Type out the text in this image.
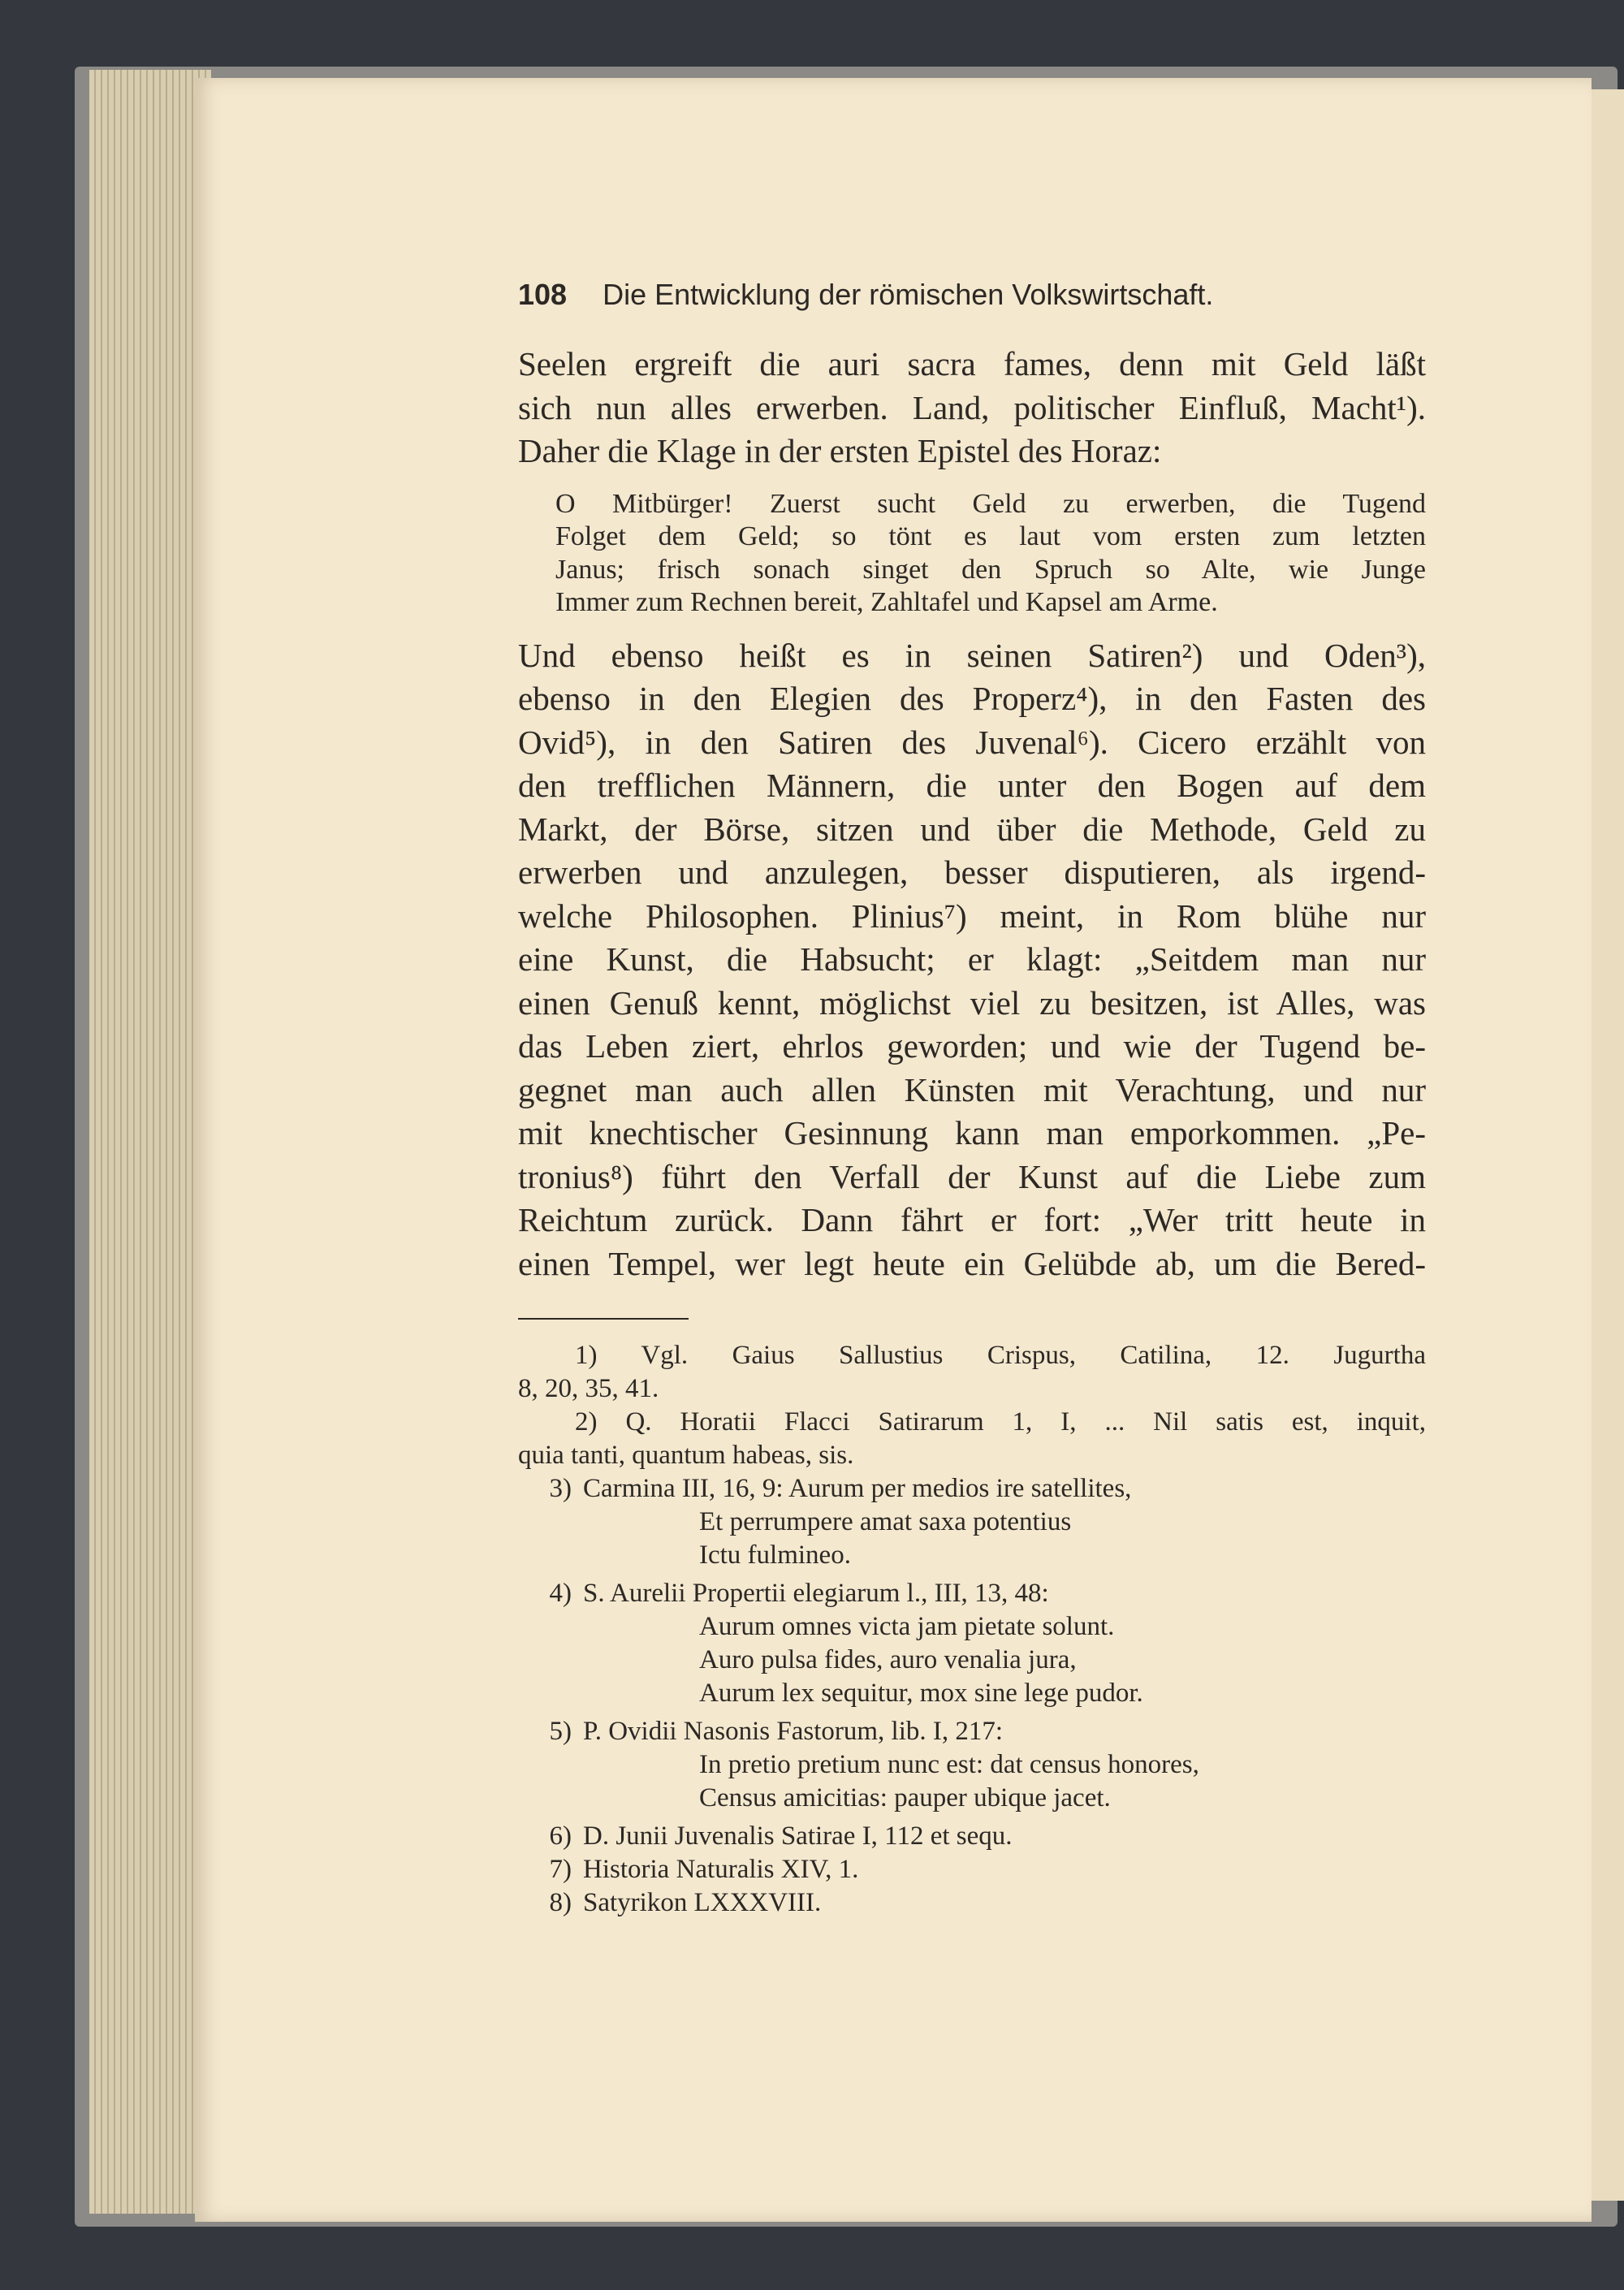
108 Die Entwicklung der römischen Volkswirtschaft.
Seelen ergreift die auri sacra fames, denn mit Geld läßt
sich nun alles erwerben. Land, politischer Einfluß, Macht¹).
Daher die Klage in der ersten Epistel des Horaz:
O Mitbürger! Zuerst sucht Geld zu erwerben, die Tugend
Folget dem Geld; so tönt es laut vom ersten zum letzten
Janus; frisch sonach singet den Spruch so Alte, wie Junge
Immer zum Rechnen bereit, Zahltafel und Kapsel am Arme.
Und ebenso heißt es in seinen Satiren²) und Oden³),
ebenso in den Elegien des Properz⁴), in den Fasten des
Ovid⁵), in den Satiren des Juvenal⁶). Cicero erzählt von
den trefflichen Männern, die unter den Bogen auf dem
Markt, der Börse, sitzen und über die Methode, Geld zu
erwerben und anzulegen, besser disputieren, als irgend-
welche Philosophen. Plinius⁷) meint, in Rom blühe nur
eine Kunst, die Habsucht; er klagt: „Seitdem man nur
einen Genuß kennt, möglichst viel zu besitzen, ist Alles, was
das Leben ziert, ehrlos geworden; und wie der Tugend be-
gegnet man auch allen Künsten mit Verachtung, und nur
mit knechtischer Gesinnung kann man emporkommen. „Pe-
tronius⁸) führt den Verfall der Kunst auf die Liebe zum
Reichtum zurück. Dann fährt er fort: „Wer tritt heute in
einen Tempel, wer legt heute ein Gelübde ab, um die Bered-
1) Vgl. Gaius Sallustius Crispus, Catilina, 12. Jugurtha
8, 20, 35, 41.
2) Q. Horatii Flacci Satirarum 1, I, ... Nil satis est, inquit,
quia tanti, quantum habeas, sis.
3) Carmina III, 16, 9: Aurum per medios ire satellites,
Et perrumpere amat saxa potentius
Ictu fulmineo.
4) S. Aurelii Propertii elegiarum l., III, 13, 48:
Aurum omnes victa jam pietate solunt.
Auro pulsa fides, auro venalia jura,
Aurum lex sequitur, mox sine lege pudor.
5) P. Ovidii Nasonis Fastorum, lib. I, 217:
In pretio pretium nunc est: dat census honores,
Census amicitias: pauper ubique jacet.
6) D. Junii Juvenalis Satirae I, 112 et sequ.
7) Historia Naturalis XIV, 1.
8) Satyrikon LXXXVIII.
